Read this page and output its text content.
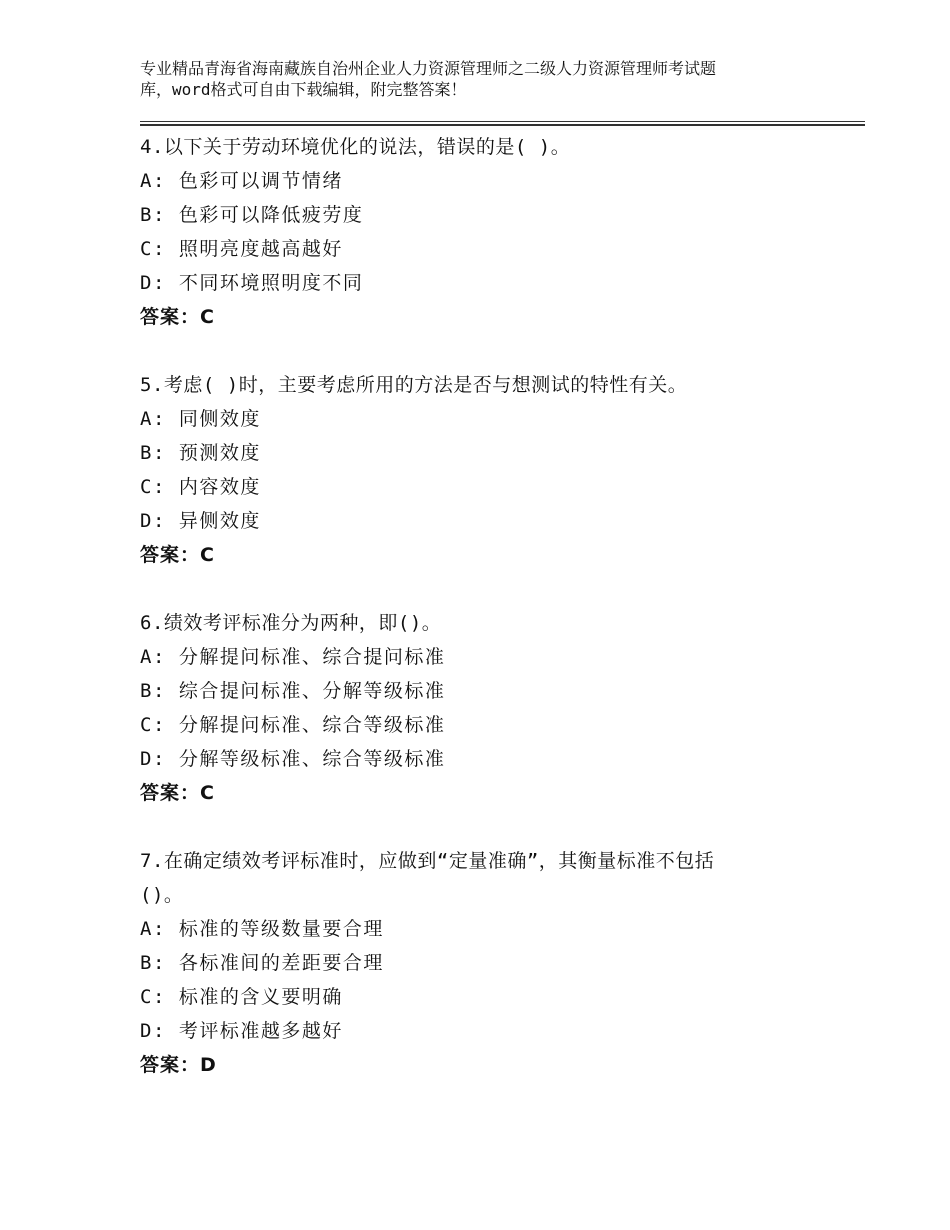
专业精品青海省海南藏族自治州企业人力资源管理师之二级人力资源管理师考试题
库，word格式可自由下载编辑，附完整答案！
4.以下关于劳动环境优化的说法，错误的是( )。
A: 色彩可以调节情绪
B: 色彩可以降低疲劳度
C: 照明亮度越高越好
D: 不同环境照明度不同
答案：C
5.考虑( )时，主要考虑所用的方法是否与想测试的特性有关。
A: 同侧效度
B: 预测效度
C: 内容效度
D: 异侧效度
答案：C
6.绩效考评标准分为两种，即()。
A: 分解提问标准、综合提问标准
B: 综合提问标准、分解等级标准
C: 分解提问标准、综合等级标准
D: 分解等级标准、综合等级标准
答案：C
7.在确定绩效考评标准时，应做到“定量准确”，其衡量标准不包括
()。
A: 标准的等级数量要合理
B: 各标准间的差距要合理
C: 标准的含义要明确
D: 考评标准越多越好
答案：D
